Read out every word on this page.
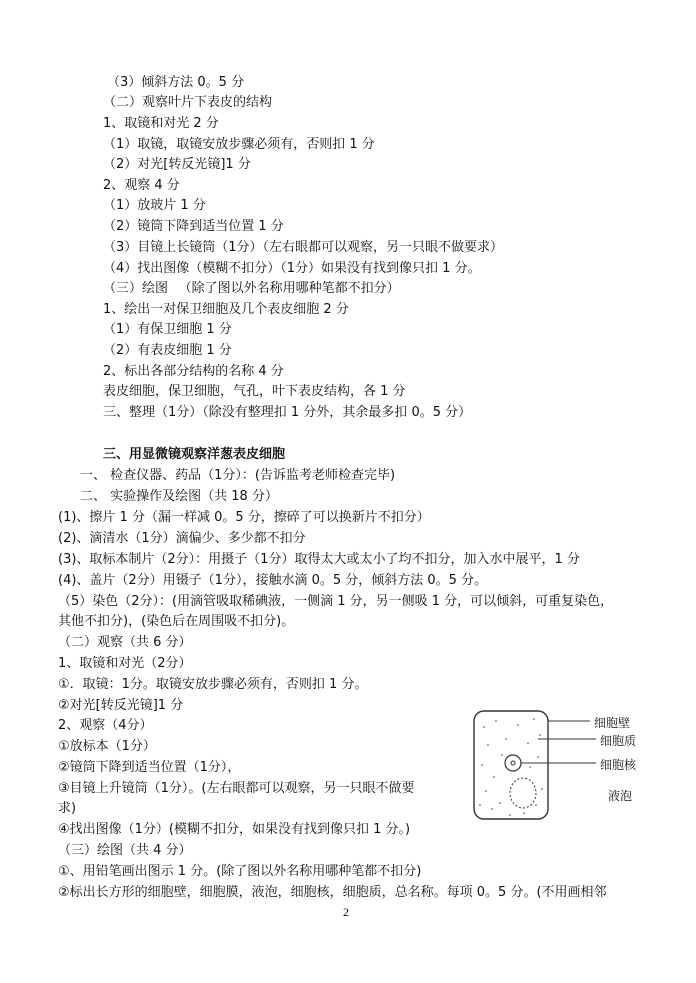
（3）倾斜方法 0。5 分
（二）观察叶片下表皮的结构
1、取镜和对光 2 分
（1）取镜，取镜安放步骤必须有，否则扣 1 分
（2）对光[转反光镜]1 分
2、观察 4 分
（1）放玻片 1 分
（2）镜筒下降到适当位置 1 分
（3）目镜上长镜筒（1分）（左右眼都可以观察，另一只眼不做要求）
（4）找出图像（模糊不扣分）（1分）如果没有找到像只扣 1 分。
（三）绘图 　（除了图以外名称用哪种笔都不扣分）
1、绘出一对保卫细胞及几个表皮细胞 2 分
（1）有保卫细胞 1 分
（2）有表皮细胞 1 分
2、标出各部分结构的名称 4 分
表皮细胞，保卫细胞，气孔，叶下表皮结构，各 1 分
三、整理（1分）（除没有整理扣 1 分外，其余最多扣 0。5 分）
三、用显微镜观察洋葱表皮细胞
一、 检查仪器、药品（1分）：(告诉监考老师检查完毕)
二、 实验操作及绘图（共 18 分）
(1)、擦片 1 分（漏一样减 0。5 分，擦碎了可以换新片不扣分）
(2)、滴清水（1分）滴偏少、多少都不扣分
(3)、取标本制片（2分）：用摄子（1分）取得太大或太小了均不扣分，加入水中展平，1 分
(4)、盖片（2分）用镊子（1分），接触水滴 0。5 分，倾斜方法 0。5 分。
（5）染色（2分）：(用滴管吸取稀碘液，一侧滴 1 分，另一侧吸 1 分，可以倾斜，可重复染色，
其他不扣分)，(染色后在周围吸不扣分)。
（二）观察（共 6 分）
1、取镜和对光（2分）
①．取镜：1分。取镜安放步骤必须有，否则扣 1 分。
②对光[转反光镜]1 分
2、观察（4分）
①放标本（1分）
②镜筒下降到适当位置（1分），
③目镜上升镜筒（1分）。(左右眼都可以观察，另一只眼不做要
求)
④找出图像（1分）(模糊不扣分，如果没有找到像只扣 1 分。)
（三）绘图（共 4 分）
①、用铅笔画出图示 1 分。(除了图以外名称用哪种笔都不扣分)
②标出长方形的细胞壁，细胞膜，液泡，细胞核，细胞质，总名称。每项 0。5 分。(不用画相邻
细胞壁
细胞质
细胞核
液泡
2
